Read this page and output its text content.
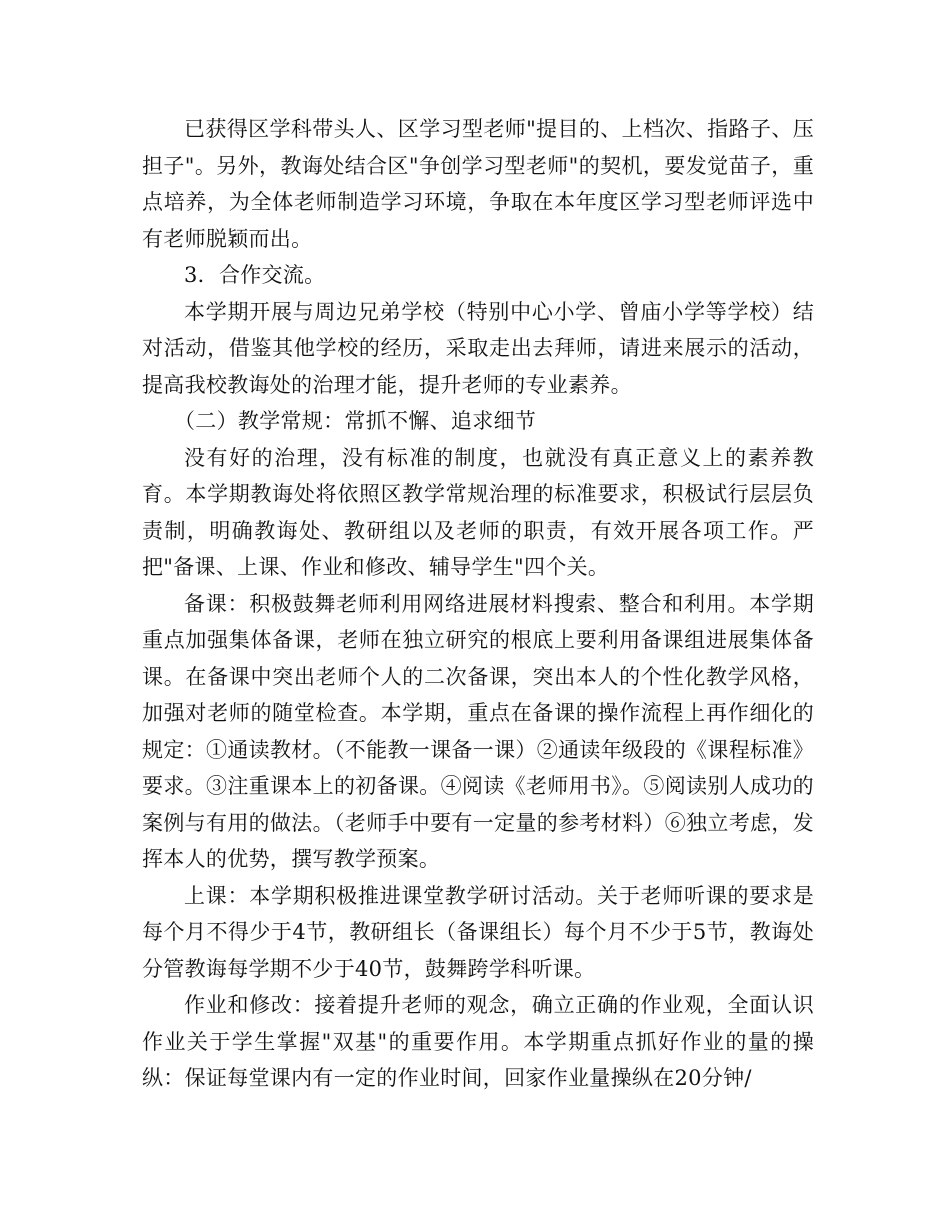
已获得区学科带头人、区学习型老师"提目的、上档次、指路子、压担子"。另外，教诲处结合区"争创学习型老师"的契机，要发觉苗子，重点培养，为全体老师制造学习环境，争取在本年度区学习型老师评选中有老师脱颖而出。

3．合作交流。

本学期开展与周边兄弟学校（特别中心小学、曾庙小学等学校）结对活动，借鉴其他学校的经历，采取走出去拜师，请进来展示的活动，提高我校教诲处的治理才能，提升老师的专业素养。

（二）教学常规：常抓不懈、追求细节

没有好的治理，没有标准的制度，也就没有真正意义上的素养教育。本学期教诲处将依照区教学常规治理的标准要求，积极试行层层负责制，明确教诲处、教研组以及老师的职责，有效开展各项工作。严把"备课、上课、作业和修改、辅导学生"四个关。

备课：积极鼓舞老师利用网络进展材料搜索、整合和利用。本学期重点加强集体备课，老师在独立研究的根底上要利用备课组进展集体备课。在备课中突出老师个人的二次备课，突出本人的个性化教学风格，加强对老师的随堂检查。本学期，重点在备课的操作流程上再作细化的规定：①通读教材。（不能教一课备一课）②通读年级段的《课程标准》要求。③注重课本上的初备课。④阅读《老师用书》。⑤阅读别人成功的案例与有用的做法。（老师手中要有一定量的参考材料）⑥独立考虑，发挥本人的优势，撰写教学预案。

上课：本学期积极推进课堂教学研讨活动。关于老师听课的要求是每个月不得少于4节，教研组长（备课组长）每个月不少于5节，教诲处分管教诲每学期不少于40节，鼓舞跨学科听课。

作业和修改：接着提升老师的观念，确立正确的作业观，全面认识作业关于学生掌握"双基"的重要作用。本学期重点抓好作业的量的操纵：保证每堂课内有一定的作业时间，回家作业量操纵在20分钟/
